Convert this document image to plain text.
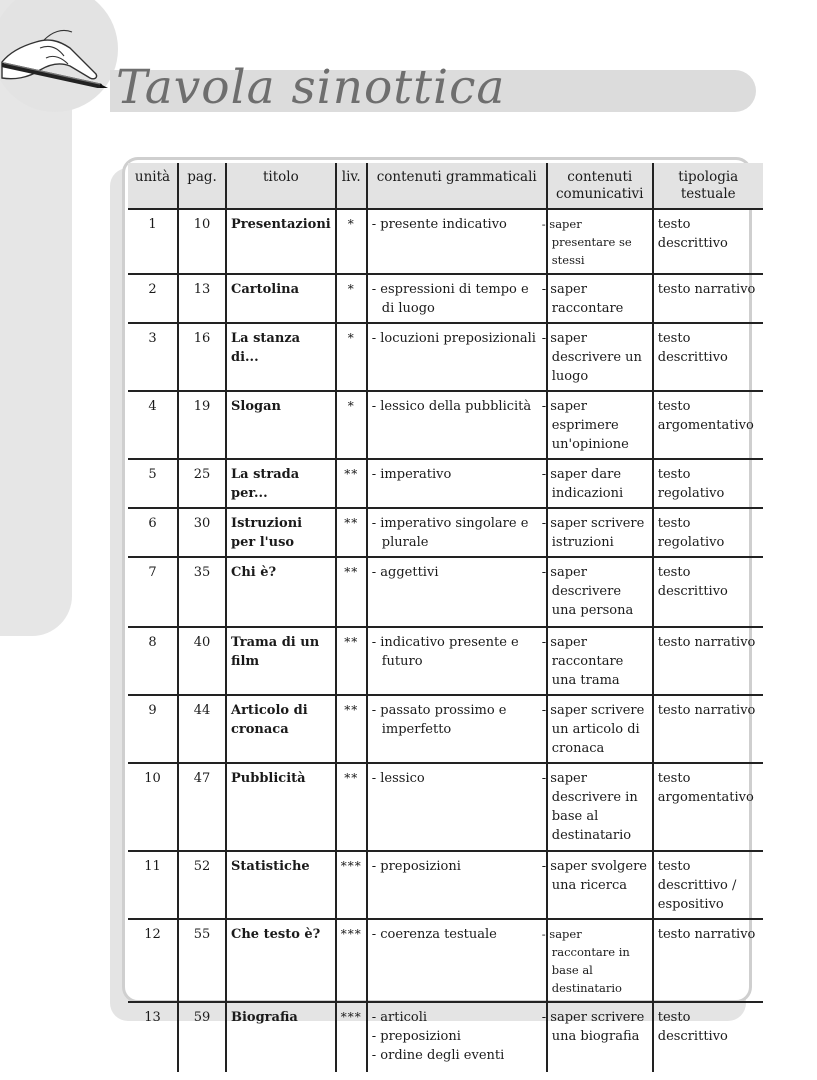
Tavola sinottica
unità	pag.	titolo	liv.	contenuti grammaticali	contenuti comunicativi	tipologia testuale
1	10	Presentazioni	*	- presente indicativo	- saper presentare se stessi	testo descrittivo
2	13	Cartolina	*	- espressioni di tempo e di luogo	- saper raccontare	testo narrativo
3	16	La stanza di...	*	- locuzioni preposizionali	- saper descrivere un luogo	testo descrittivo
4	19	Slogan	*	- lessico della pubblicità	- saper esprimere un'opinione	testo argomentativo
5	25	La strada per...	**	- imperativo	- saper dare indicazioni	testo regolativo
6	30	Istruzioni per l'uso	**	- imperativo singolare e plurale	- saper scrivere istruzioni	testo regolativo
7	35	Chi è?	**	- aggettivi	- saper descrivere una persona	testo descrittivo
8	40	Trama di un film	**	- indicativo presente e futuro	- saper raccontare una trama	testo narrativo
9	44	Articolo di cronaca	**	- passato prossimo e imperfetto	- saper scrivere un articolo di cronaca	testo narrativo
10	47	Pubblicità	**	- lessico	- saper descrivere in base al destinatario	testo argomentativo
11	52	Statistiche	***	- preposizioni	- saper svolgere una ricerca	testo descrittivo / espositivo
12	55	Che testo è?	***	- coerenza testuale	- saper raccontare in base al destinatario	testo narrativo
13	59	Biografia	***	- articoli
- preposizioni
- ordine degli eventi	- saper scrivere una biografia	testo descrittivo
